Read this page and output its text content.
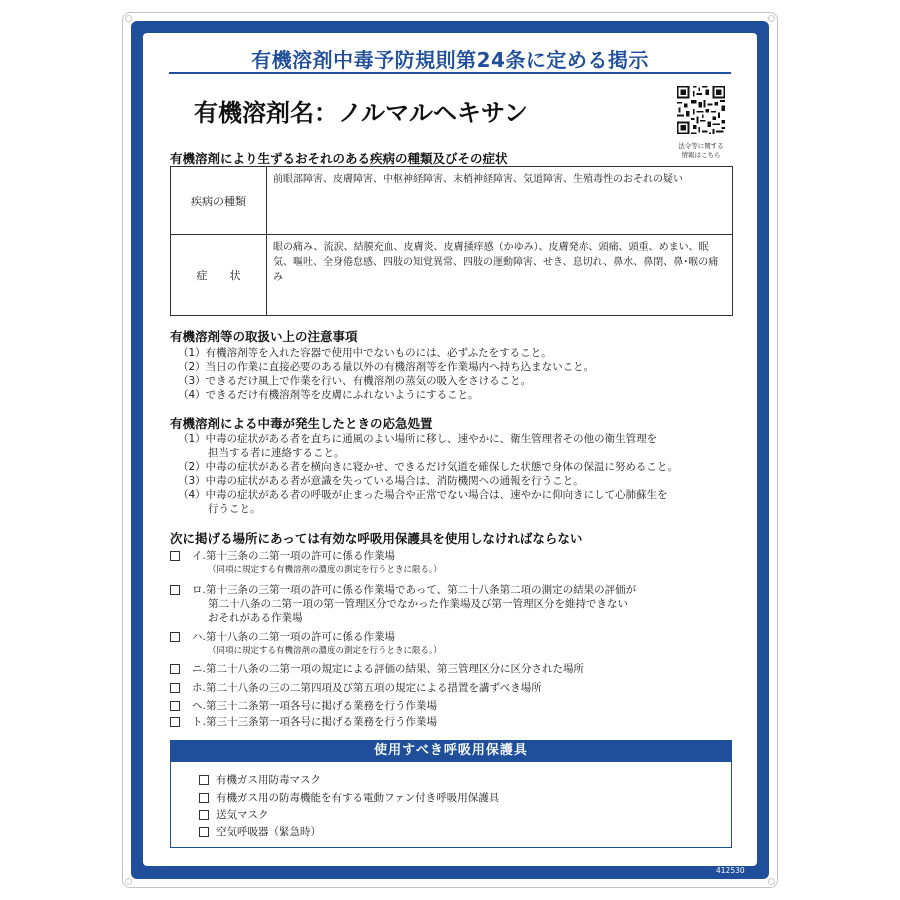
有機溶剤中毒予防規則第24条に定める掲示
有機溶剤名：ノルマルヘキサン
法令等に関する
情報はこちら
有機溶剤により生ずるおそれのある疾病の種類及びその症状
疾病の種類	前眼部障害、皮膚障害、中枢神経障害、末梢神経障害、気道障害、生殖毒性のおそれの疑い
症　　状	眼の痛み、流涙、結膜充血、皮膚炎、皮膚掻痒感（かゆみ）、皮膚発赤、頭痛、頭重、めまい、眠気、嘔吐、全身倦怠感、四肢の知覚異常、四肢の運動障害、せき、息切れ、鼻水、鼻閉、鼻･喉の痛み
有機溶剤等の取扱い上の注意事項
（1）有機溶剤等を入れた容器で使用中でないものには、必ずふたをすること。
（2）当日の作業に直接必要のある量以外の有機溶剤等を作業場内へ持ち込まないこと。
（3）できるだけ風上で作業を行い、有機溶剤の蒸気の吸入をさけること。
（4）できるだけ有機溶剤等を皮膚にふれないようにすること。
有機溶剤による中毒が発生したときの応急処置
（1）中毒の症状がある者を直ちに通風のよい場所に移し、速やかに、衛生管理者その他の衛生管理を
担当する者に連絡すること。
（2）中毒の症状がある者を横向きに寝かせ、できるだけ気道を確保した状態で身体の保温に努めること。
（3）中毒の症状がある者が意識を失っている場合は、消防機関への通報を行うこと。
（4）中毒の症状がある者の呼吸が止まった場合や正常でない場合は、速やかに仰向きにして心肺蘇生を
行うこと。
次に掲げる場所にあっては有効な呼吸用保護具を使用しなければならない
イ.第十三条の二第一項の許可に係る作業場
（同項に規定する有機溶剤の濃度の測定を行うときに限る。）
ロ.第十三条の三第一項の許可に係る作業場であって、第二十八条第二項の測定の結果の評価が
第二十八条の二第一項の第一管理区分でなかった作業場及び第一管理区分を維持できない
おそれがある作業場
ハ.第十八条の二第一項の許可に係る作業場
（同項に規定する有機溶剤の濃度の測定を行うときに限る。）
ニ.第二十八条の二第一項の規定による評価の結果、第三管理区分に区分された場所
ホ.第二十八条の三の二第四項及び第五項の規定による措置を講ずべき場所
ヘ.第三十二条第一項各号に掲げる業務を行う作業場
ト.第三十三条第一項各号に掲げる業務を行う作業場
使用すべき呼吸用保護具
有機ガス用防毒マスク
有機ガス用の防毒機能を有する電動ファン付き呼吸用保護具
送気マスク
空気呼吸器（緊急時）
412530
